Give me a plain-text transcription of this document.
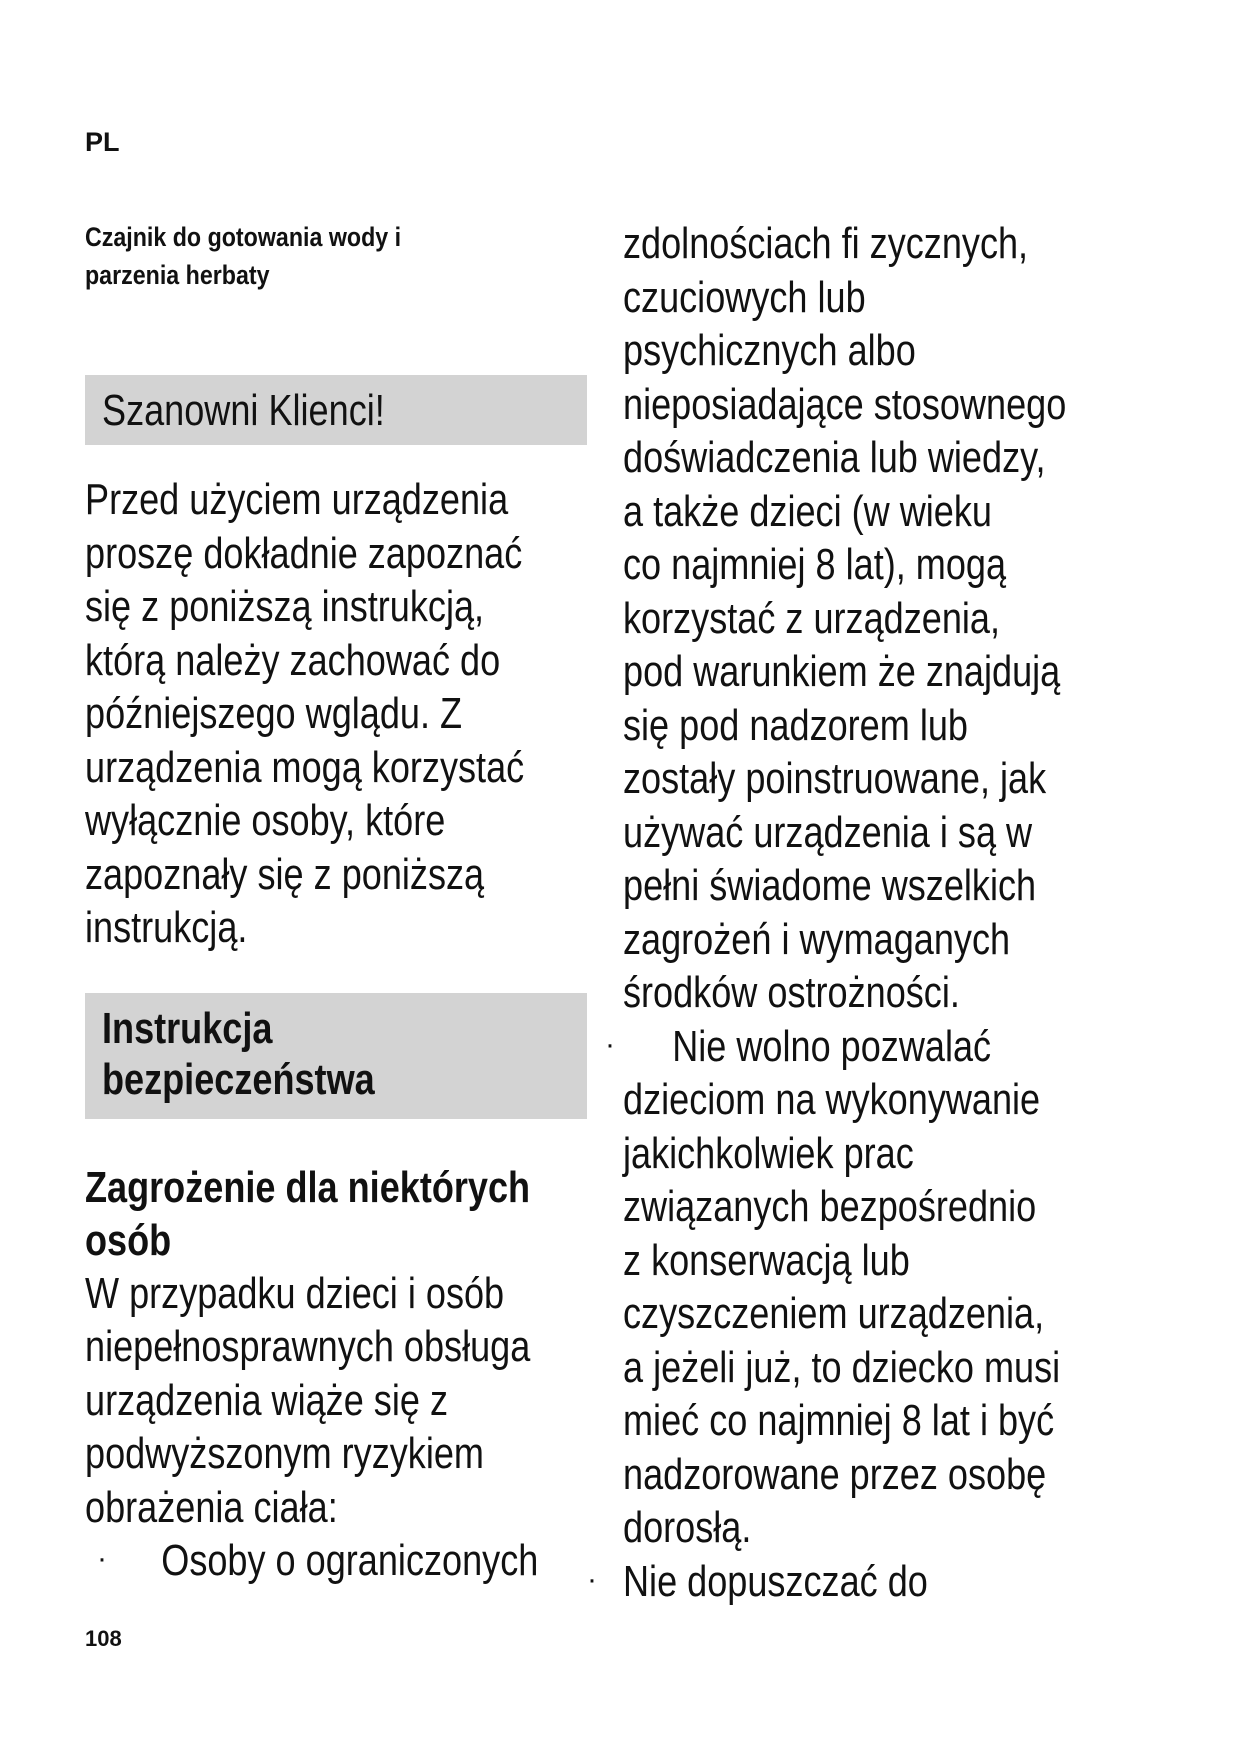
PL
Czajnik do gotowania wody i
parzenia herbaty
Szanowni Klienci!
Przed użyciem urządzenia
proszę dokładnie zapoznać
się z poniższą instrukcją,
którą należy zachować do
późniejszego wglądu. Z
urządzenia mogą korzystać
wyłącznie osoby, które
zapoznały się z poniższą
instrukcją.
Instrukcja
bezpieczeństwa
Zagrożenie dla niektórych
osób
W przypadku dzieci i osób
niepełnosprawnych obsługa
urządzenia wiąże się z
podwyższonym ryzykiem
obrażenia ciała:
·	Osoby o ograniczonych
zdolnościach fi zycznych,
czuciowych lub
psychicznych albo
nieposiadające stosownego
doświadczenia lub wiedzy,
a także dzieci (w wieku
co najmniej 8 lat), mogą
korzystać z urządzenia,
pod warunkiem że znajdują
się pod nadzorem lub
zostały poinstruowane, jak
używać urządzenia i są w
pełni świadome wszelkich
zagrożeń i wymaganych
środków ostrożności.
·	Nie wolno pozwalać
dzieciom na wykonywanie
jakichkolwiek prac
związanych bezpośrednio
z konserwacją lub
czyszczeniem urządzenia,
a jeżeli już, to dziecko musi
mieć co najmniej 8 lat i być
nadzorowane przez osobę
dorosłą.
· Nie dopuszczać do
108
